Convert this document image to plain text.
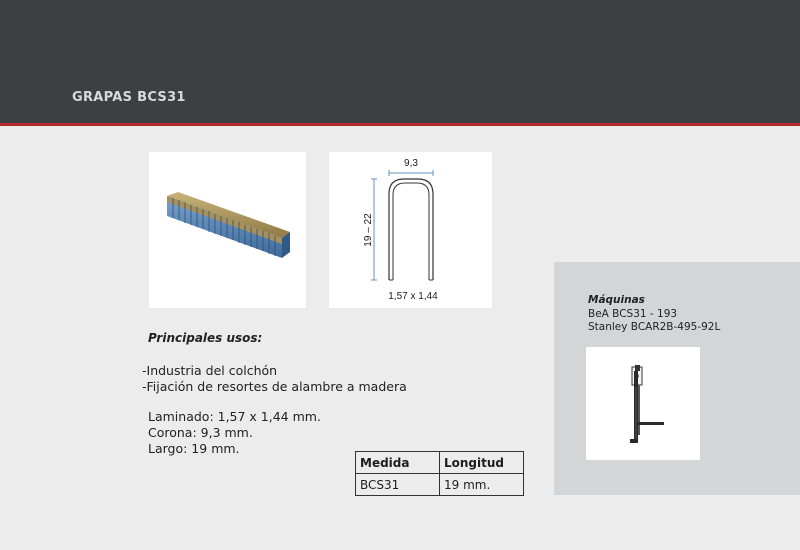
GRAPAS BCS31
9,3
19 – 22
1,57 x 1,44
Principales usos:
- Industria del colchón
- Fijación de resortes de alambre a madera
Laminado: 1,57 x 1,44 mm.
Corona: 9,3 mm.
Largo: 19 mm.
Medida	Longitud
BCS31	19 mm.
Máquinas
BeA BCS31 - 193
Stanley BCAR2B-495-92L
